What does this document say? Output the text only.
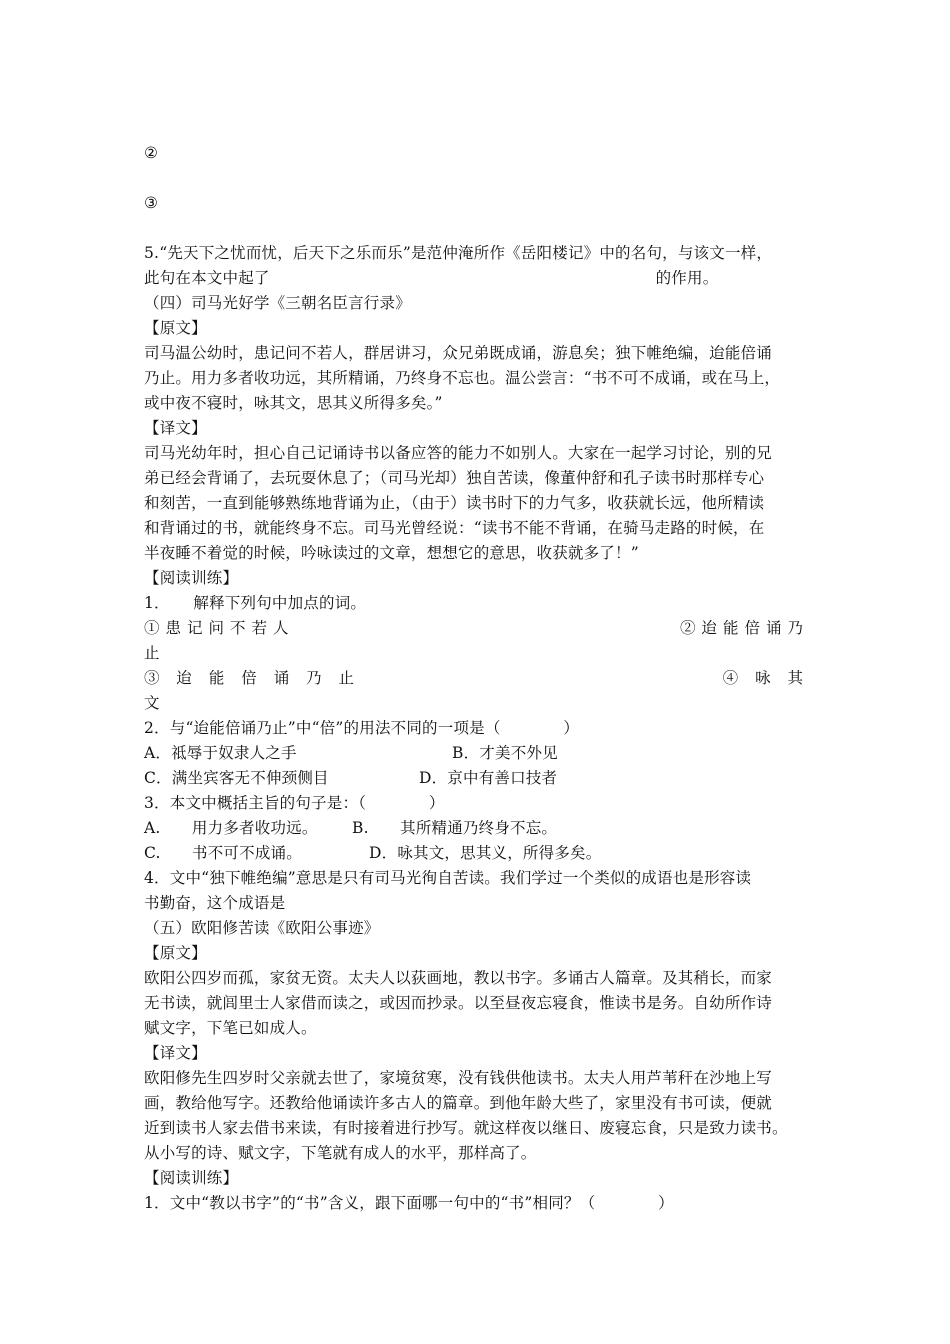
②
③
5.“先天下之忧而忧，后天下之乐而乐”是范仲淹所作《岳阳楼记》中的名句，与该文一样，
此句在本文中起了	的作用。
（四）司马光好学《三朝名臣言行录》
【原文】
司马温公幼时，患记问不若人，群居讲习，众兄弟既成诵，游息矣；独下帷绝编，迨能倍诵
乃止。用力多者收功远，其所精诵，乃终身不忘也。温公尝言：“书不可不成诵，或在马上，
或中夜不寝时，咏其文，思其义所得多矣。”
【译文】
司马光幼年时，担心自己记诵诗书以备应答的能力不如别人。大家在一起学习讨论，别的兄
弟已经会背诵了，去玩耍休息了；（司马光却）独自苦读，像董仲舒和孔子读书时那样专心
和刻苦，一直到能够熟练地背诵为止，（由于）读书时下的力气多，收获就长远，他所精读
和背诵过的书，就能终身不忘。司马光曾经说：“读书不能不背诵，在骑马走路的时候，在
半夜睡不着觉的时候，吟咏读过的文章，想想它的意思，收获就多了！”
【阅读训练】
1．　　解释下列句中加点的词。
①患记问不若人	②迨能倍诵乃
止
③ 迨 能 倍 诵 乃 止	④ 咏 其
文
2．与“迨能倍诵乃止”中“倍”的用法不同的一项是（　　　　）
A．祗辱于奴隶人之手	B．才美不外见
C．满坐宾客无不伸颈侧目	D．京中有善口技者
3．本文中概括主旨的句子是：（　　　　）
A.　　用力多者收功远。 B.　　其所精通乃终身不忘。
C.　　书不可不成诵。	D．咏其文，思其义，所得多矣。
4．文中“独下帷绝编”意思是只有司马光徇自苦读。我们学过一个类似的成语也是形容读
书勤奋，这个成语是
（五）欧阳修苦读《欧阳公事迹》
【原文】
欧阳公四岁而孤，家贫无资。太夫人以荻画地，教以书字。多诵古人篇章。及其稍长，而家
无书读，就闾里士人家借而读之，或因而抄录。以至昼夜忘寝食，惟读书是务。自幼所作诗
赋文字，下笔已如成人。
【译文】
欧阳修先生四岁时父亲就去世了，家境贫寒，没有钱供他读书。太夫人用芦苇秆在沙地上写
画，教给他写字。还教给他诵读许多古人的篇章。到他年龄大些了，家里没有书可读，便就
近到读书人家去借书来读，有时接着进行抄写。就这样夜以继日、废寝忘食，只是致力读书。
从小写的诗、赋文字，下笔就有成人的水平，那样高了。
【阅读训练】
1．文中“教以书字”的“书”含义，跟下面哪一句中的“书”相同？（　　　　）
